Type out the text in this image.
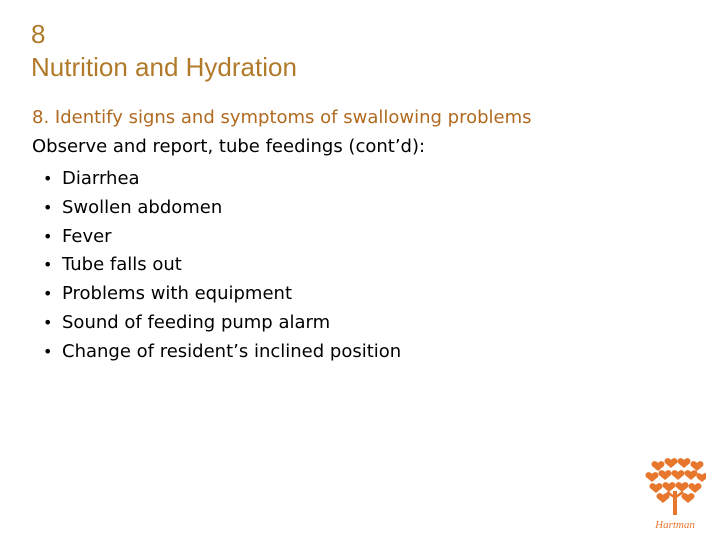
8
Nutrition and Hydration
8. Identify signs and symptoms of swallowing problems
Observe and report, tube feedings (cont’d):
• Diarrhea
• Swollen abdomen
• Fever
• Tube falls out
• Problems with equipment
• Sound of feeding pump alarm
• Change of resident’s inclined position
Hartman
